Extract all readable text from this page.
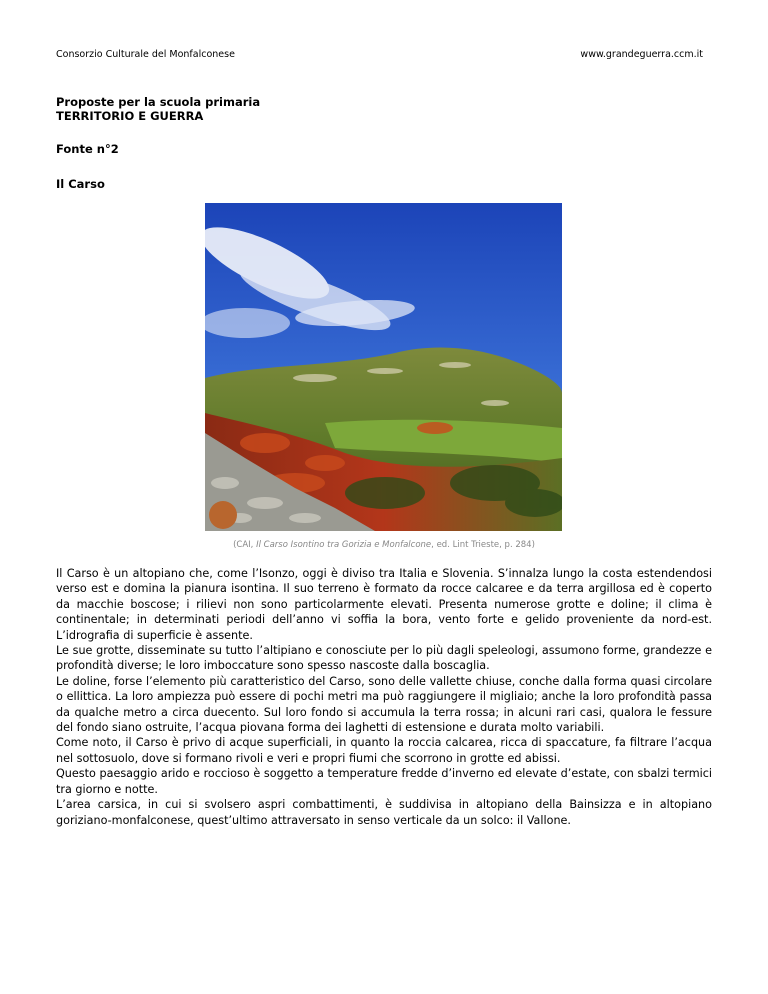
Consorzio Culturale del Monfalconese	www.grandeguerra.ccm.it
Proposte per la scuola primaria
TERRITORIO E GUERRA
Fonte n°2
Il Carso
(CAI, Il Carso Isontino tra Gorizia e Monfalcone, ed. Lint Trieste, p. 284)

Il Carso è un altopiano che, come l’Isonzo, oggi è diviso tra Italia e Slovenia. S’innalza lungo la costa estendendosi verso est e domina la pianura isontina. Il suo terreno è formato da rocce calcaree e da terra argillosa ed è coperto da macchie boscose; i rilievi non sono particolarmente elevati. Presenta numerose grotte e doline; il clima è continentale; in determinati periodi dell’anno vi soffia la bora, vento forte e gelido proveniente da nord-est. L’idrografia di superficie è assente.

Le sue grotte, disseminate su tutto l’altipiano e conosciute per lo più dagli speleologi, assumono forme, grandezze e profondità diverse; le loro imboccature sono spesso nascoste dalla boscaglia.

Le doline, forse l’elemento più caratteristico del Carso, sono delle vallette chiuse, conche dalla forma quasi circolare o ellittica. La loro ampiezza può essere di pochi metri ma può raggiungere il migliaio; anche la loro profondità passa da qualche metro a circa duecento. Sul loro fondo si accumula la terra rossa; in alcuni rari casi, qualora le fessure del fondo siano ostruite, l’acqua piovana forma dei laghetti di estensione e durata molto variabili.

Come noto, il Carso è privo di acque superficiali, in quanto la roccia calcarea, ricca di spaccature, fa filtrare l’acqua nel sottosuolo, dove si formano rivoli e veri e propri fiumi che scorrono in grotte ed abissi.

Questo paesaggio arido e roccioso è soggetto a temperature fredde d’inverno ed elevate d’estate, con sbalzi termici tra giorno e notte.

L’area carsica, in cui si svolsero aspri combattimenti, è suddivisa in altopiano della Bainsizza e in altopiano goriziano-monfalconese, quest’ultimo attraversato in senso verticale da un solco: il Vallone.
